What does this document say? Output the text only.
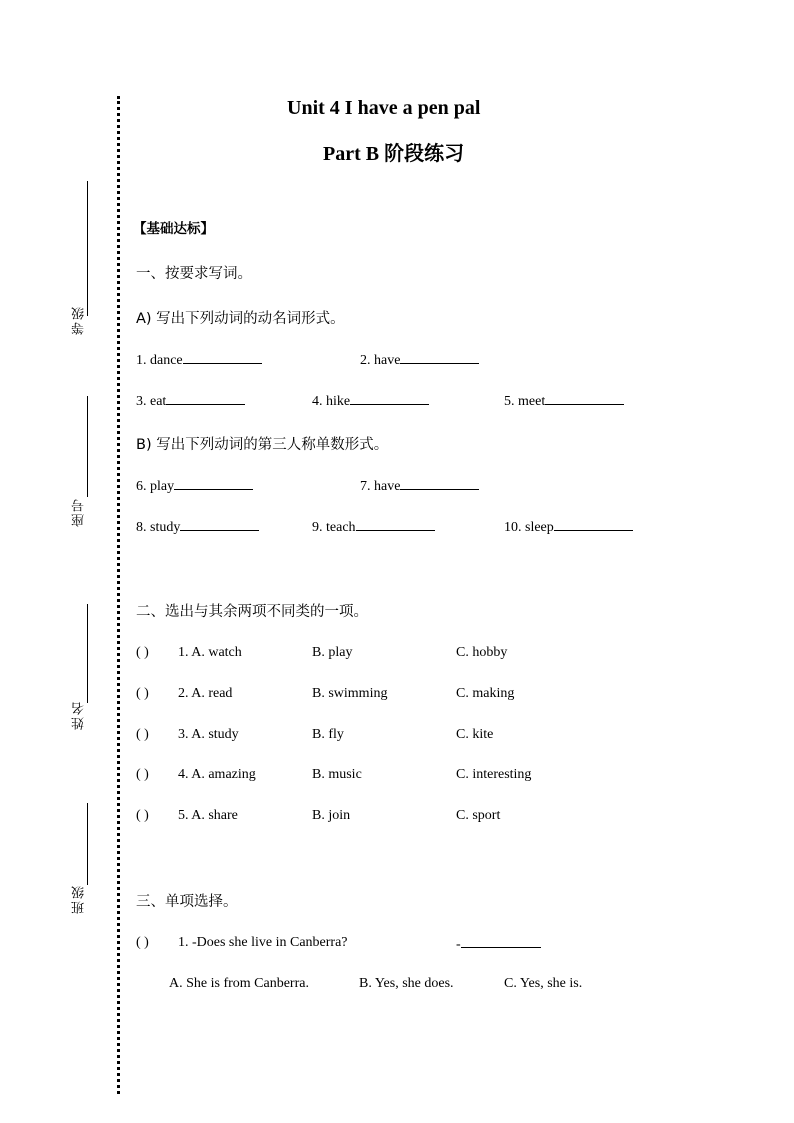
等级
座号
姓名
班级
Unit 4 I have a pen pal
Part B 阶段练习
【基础达标】
一、按要求写词。
A) 写出下列动词的动名词形式。
1. dance	2. have
3. eat	4. hike	5. meet
B) 写出下列动词的第三人称单数形式。
6. play	7. have
8. study	9. teach	10. sleep
二、选出与其余两项不同类的一项。
( ) 1. A. watch	B. play	C. hobby
( ) 2. A. read	B. swimming	C. making
( ) 3. A. study	B. fly	C. kite
( ) 4. A. amazing	B. music	C. interesting
( ) 5. A. share	B. join	C. sport
三、单项选择。
( ) 1. -Does she live in Canberra?	-
A. She is from Canberra.	B. Yes, she does.	C. Yes, she is.
